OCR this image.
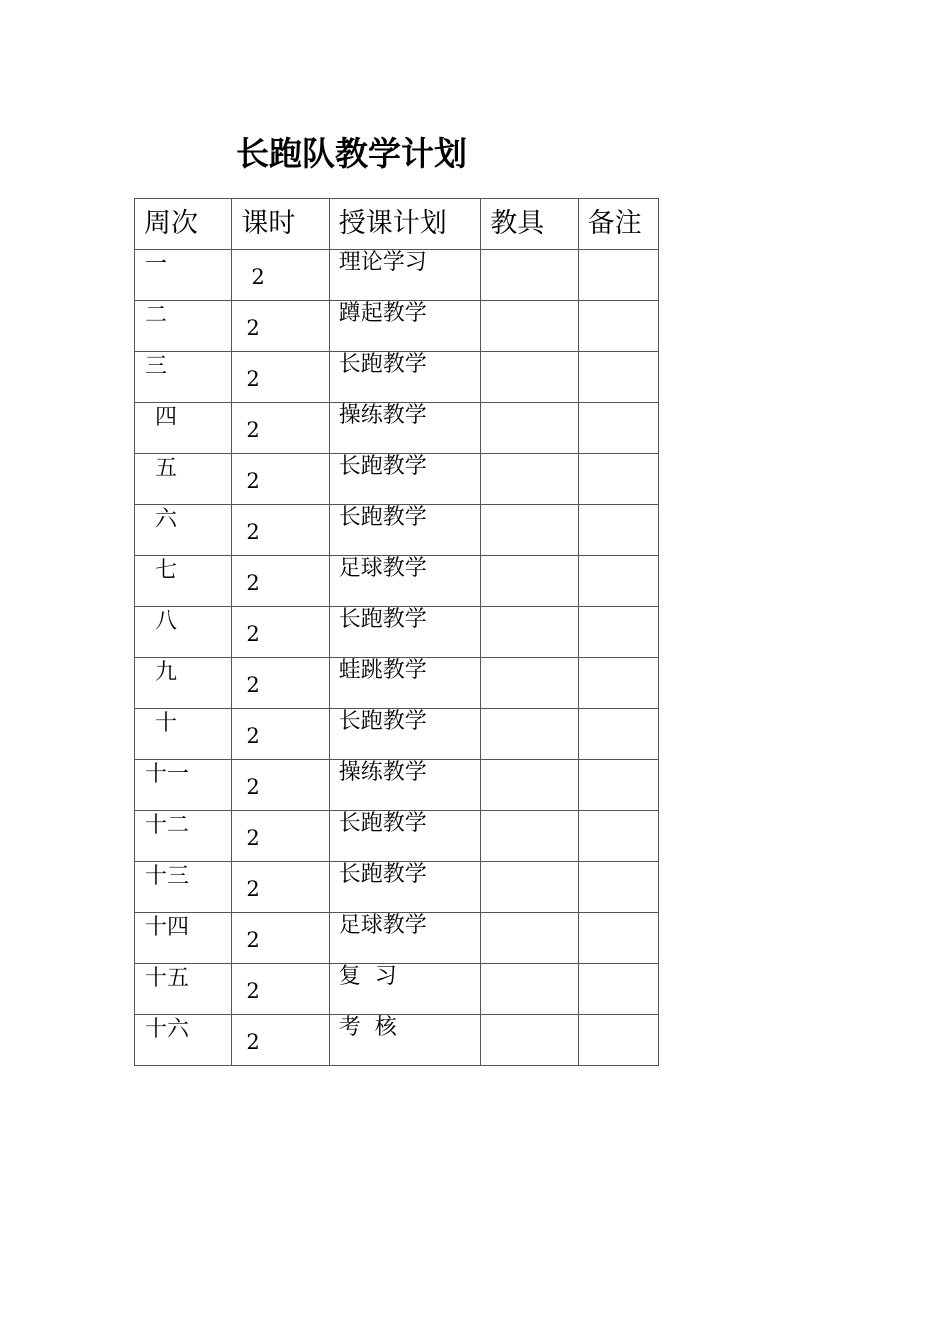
长跑队教学计划
周次	课时	授课计划	教具	备注

一	2	理论学习		

二	2	蹲起教学		

三	2	长跑教学		

四	2	操练教学		

五	2	长跑教学		

六	2	长跑教学		

七	2	足球教学		

八	2	长跑教学		

九	2	蛙跳教学		

十	2	长跑教学		

十一	2	操练教学		

十二	2	长跑教学		

十三	2	长跑教学		

十四	2	足球教学		

十五	2	复  习		

十六	2	考  核		
